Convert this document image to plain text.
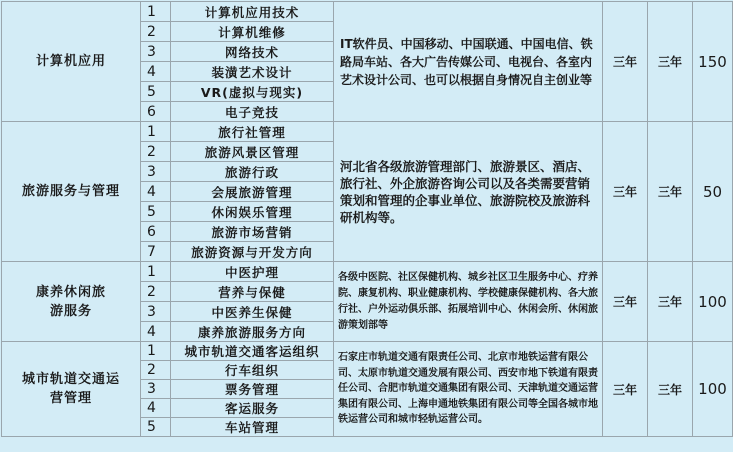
计算机应用	1	计算机应用技术	IT软件员、中国移动、中国联通、中国电信、铁路局车站、各大广告传媒公司、电视台、各室内艺术设计公司、也可以根据自身情况自主创业等	三年	三年	150
	2	计算机维修				
	3	网络技术				
	4	装潢艺术设计				
	5	VR(虚拟与现实)				
	6	电子竞技				
旅游服务与管理	1	旅行社管理	河北省各级旅游管理部门、旅游景区、酒店、旅行社、外企旅游咨询公司以及各类需要营销策划和管理的企事业单位、旅游院校及旅游科研机构等。	三年	三年	50
	2	旅游风景区管理				
	3	旅游行政				
	4	会展旅游管理				
	5	休闲娱乐管理				
	6	旅游市场营销				
	7	旅游资源与开发方向				
康养休闲旅游服务	1	中医护理	各级中医院、社区保健机构、城乡社区卫生服务中心、疗养院、康复机构、职业健康机构、学校健康保健机构、各大旅行社、户外运动俱乐部、拓展培训中心、休闲会所、休闲旅游策划部等	三年	三年	100
	2	营养与保健				
	3	中医养生保健				
	4	康养旅游服务方向				
城市轨道交通运营管理	1	城市轨道交通客运组织	石家庄市轨道交通有限责任公司、北京市地铁运营有限公司、太原市轨道交通发展有限公司、西安市地下铁道有限责任公司、合肥市轨道交通集团有限公司、天津轨道交通运营集团有限公司、上海申通地铁集团有限公司等全国各城市地铁运营公司和城市轻轨运营公司。	三年	三年	100
	2	行车组织				
	3	票务管理				
	4	客运服务				
	5	车站管理				
